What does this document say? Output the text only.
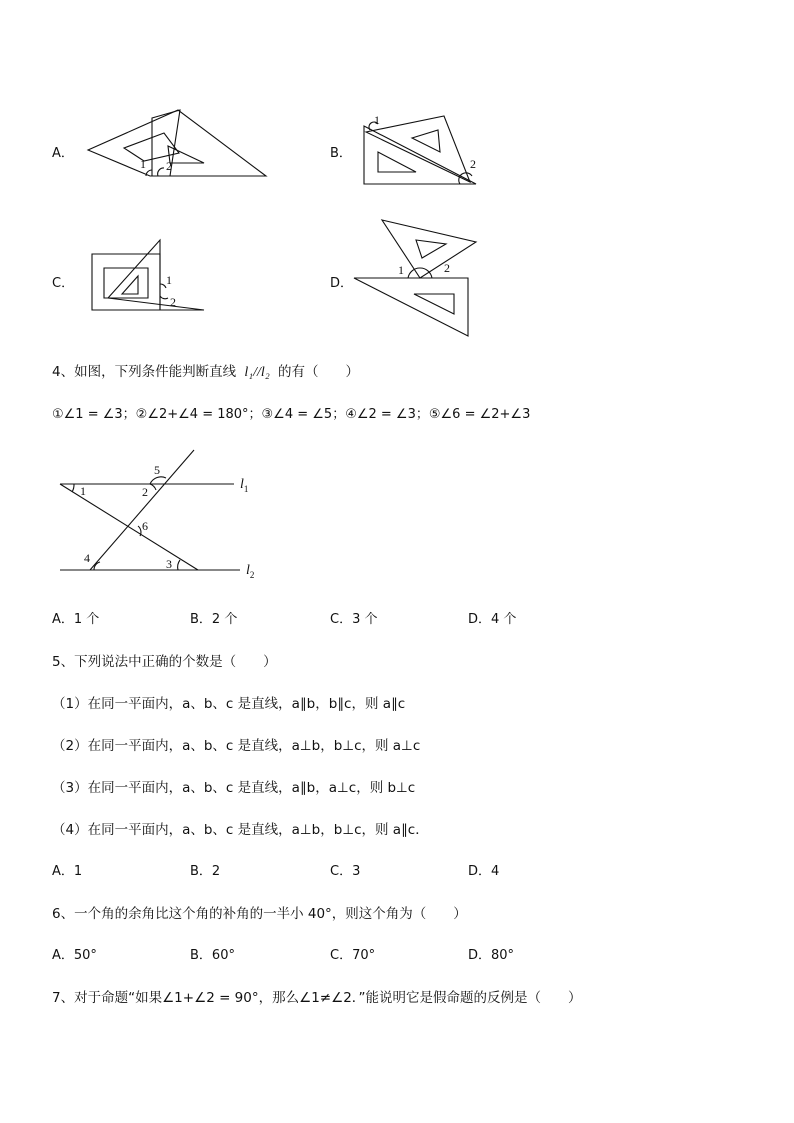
A．
1 2
B．
1
2
C．	1
2
D．
1	2
4、如图，下列条件能判断直线 l₁//l₂ 的有（　　）
①∠1 = ∠3；②∠2+∠4 = 180°；③∠4 = ∠5；④∠2 = ∠3；⑤∠6 = ∠2+∠3
1	2
5
6
4	3
$l_1$
$l_2$
A．1 个	B．2 个	C．3 个	D．4 个
5、下列说法中正确的个数是（　　）
（1）在同一平面内，a、b、c 是直线，a∥b，b∥c，则 a∥c
（2）在同一平面内，a、b、c 是直线，a⊥b，b⊥c，则 a⊥c
（3）在同一平面内，a、b、c 是直线，a∥b，a⊥c，则 b⊥c
（4）在同一平面内，a、b、c 是直线，a⊥b，b⊥c，则 a∥c．
A．1	B．2	C．3	D．4
6、一个角的余角比这个角的补角的一半小 40°，则这个角为（　　）
A．50°	B．60°	C．70°	D．80°
7、对于命题“如果∠1+∠2 = 90°，那么∠1≠∠2．”能说明它是假命题的反例是（　　）
